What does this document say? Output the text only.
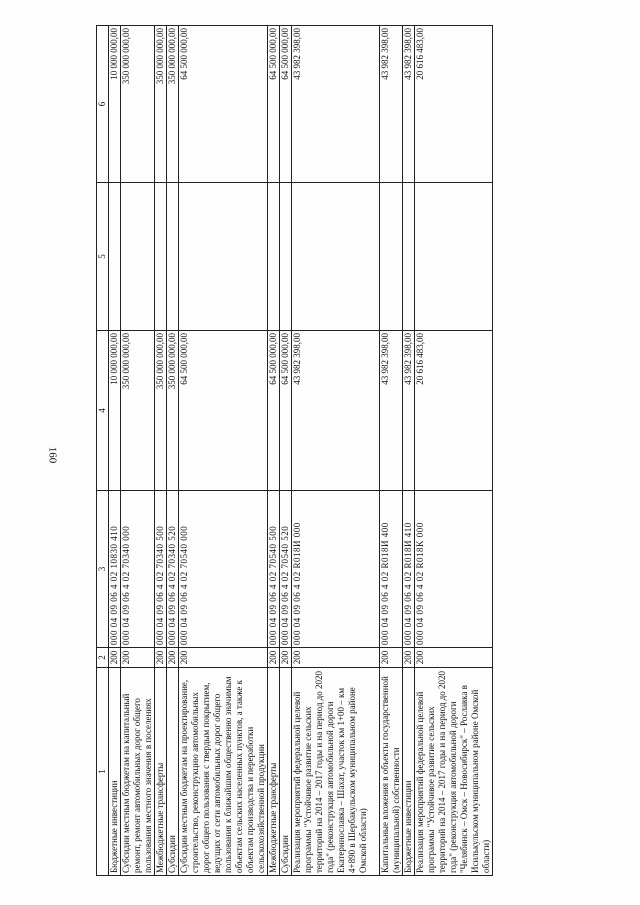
160
1	2	3	4	5	6
Бюджетные инвестиции	200	000 04 09 06 4 02 10830 410	10 000 000,00		10 000 000,00
Субсидии местным бюджетам на капитальный ремонт, ремонт автомобильных дорог общего пользования местного значения в поселениях	200	000 04 09 06 4 02 70340 000	350 000 000,00		350 000 000,00
Межбюджетные трансферты	200	000 04 09 06 4 02 70340 500	350 000 000,00		350 000 000,00
Субсидии	200	000 04 09 06 4 02 70340 520	350 000 000,00		350 000 000,00
Субсидии местным бюджетам на проектирование, строительство, реконструкцию автомобильных дорог общего пользования с твердым покрытием, ведущих от сети автомобильных дорог общего пользования к ближайшим общественно значимым объектам сельских населенных пунктов, а также к объектам производства и переработки сельскохозяйственной продукции	200	000 04 09 06 4 02 70540 000	64 500 000,00		64 500 000,00
Межбюджетные трансферты	200	000 04 09 06 4 02 70540 500	64 500 000,00		64 500 000,00
Субсидии	200	000 04 09 06 4 02 70540 520	64 500 000,00		64 500 000,00
Реализация мероприятий федеральной целевой программы "Устойчивое развитие сельских территорий на 2014 – 2017 годы и на период до 2020 года" (реконструкция автомобильной дороги Екатеринославка – Шахат, участок км 1+00 – км 4+890 в Шербакульском муниципальном районе Омской области)	200	000 04 09 06 4 02 R018И 000	43 982 398,00		43 982 398,00
Капитальные вложения в объекты государственной (муниципальной) собственности	200	000 04 09 06 4 02 R018И 400	43 982 398,00		43 982 398,00
Бюджетные инвестиции	200	000 04 09 06 4 02 R018И 410	43 982 398,00		43 982 398,00
Реализация мероприятий федеральной целевой программы "Устойчивое развитие сельских территорий на 2014 – 2017 годы и на период до 2020 года" (реконструкция автомобильной дороги "Челябинск – Омск – Новосибирск" – Рославка в Исилькульском муниципальном районе Омской области)	200	000 04 09 06 4 02 R018K 000	20 616 483,00		20 616 483,00
